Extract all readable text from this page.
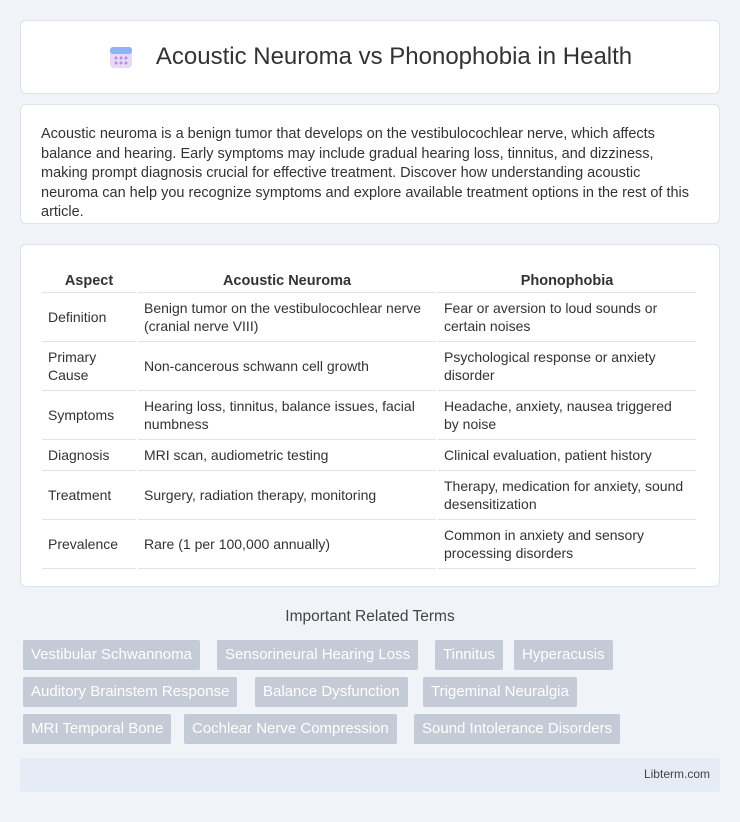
Acoustic Neuroma vs Phonophobia in Health

Acoustic neuroma is a benign tumor that develops on the vestibulocochlear nerve, which affects balance and hearing. Early symptoms may include gradual hearing loss, tinnitus, and dizziness, making prompt diagnosis crucial for effective treatment. Discover how understanding acoustic neuroma can help you recognize symptoms and explore available treatment options in the rest of this article.

Aspect	Acoustic Neuroma	Phonophobia
Definition	Benign tumor on the vestibulocochlear nerve (cranial nerve VIII)	Fear or aversion to loud sounds or certain noises
Primary Cause	Non-cancerous schwann cell growth	Psychological response or anxiety disorder
Symptoms	Hearing loss, tinnitus, balance issues, facial numbness	Headache, anxiety, nausea triggered by noise
Diagnosis	MRI scan, audiometric testing	Clinical evaluation, patient history
Treatment	Surgery, radiation therapy, monitoring	Therapy, medication for anxiety, sound desensitization
Prevalence	Rare (1 per 100,000 annually)	Common in anxiety and sensory processing disorders
Important Related Terms
Vestibular Schwannoma	Sensorineural Hearing Loss	Tinnitus	Hyperacusis
Auditory Brainstem Response	Balance Dysfunction	Trigeminal Neuralgia
MRI Temporal Bone	Cochlear Nerve Compression	Sound Intolerance Disorders
Libterm.com
